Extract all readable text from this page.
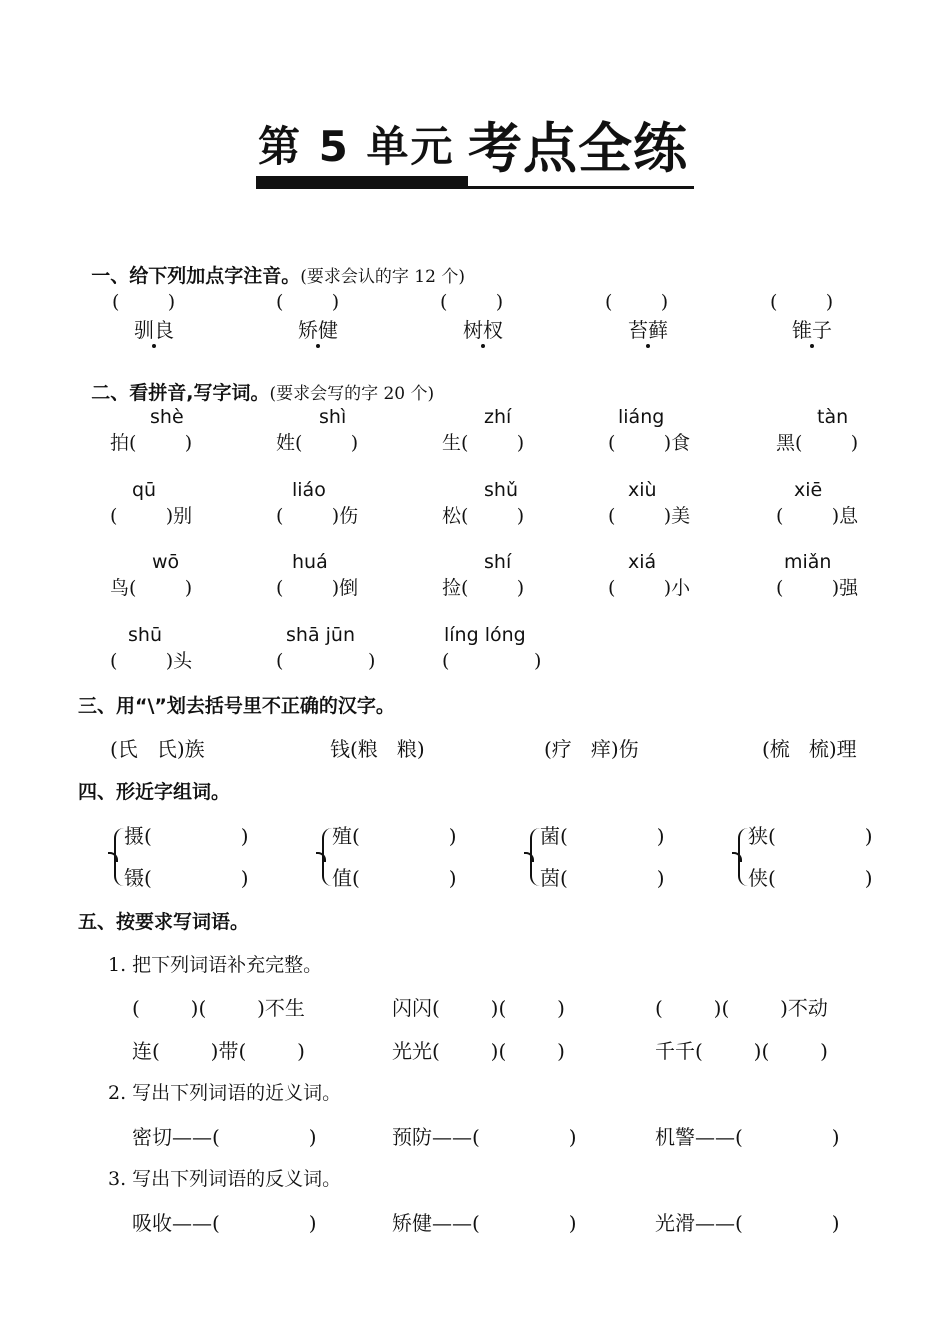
第 5 单元 考点全练

一、给下列加点字注音。(要求会认的字 12 个)

(        )	(        )	(        )	(        )	(        )
驯良	矫健	树杈	苔藓	锥子

二、看拼音,写字词。(要求会写的字 20 个)

shè	shì	zhí	liáng	tàn
拍(        )	姓(        )	生(        )	(        )食	黑(        )
qū	liáo	shǔ	xiù	xiē
(        )别	(        )伤	松(        )	(        )美	(        )息
wō	huá	shí	xiá	miǎn
鸟(        )	(        )倒	捡(        )	(        )小	(        )强
shū	shā jūn	líng lóng
(        )头	(              )	(              )
三、用“\”划去括号里不正确的汉字。
(氏   氏)族	钱(粮   粮)	(疗   痒)伤	(梳   梳)理
四、形近字组词。
摄(              )
镊(              )
殖(              )
值(              )
菌(              )
茵(              )
狭(              )
侠(              )
五、按要求写词语。
1. 把下列词语补充完整。
(        )(        )不生	闪闪(        )(        )	(        )(        )不动
连(        )带(        )	光光(        )(        )	千千(        )(        )
2. 写出下列词语的近义词。
密切——(              )	预防——(              )	机警——(              )
3. 写出下列词语的反义词。
吸收——(              )	矫健——(              )	光滑——(              )
